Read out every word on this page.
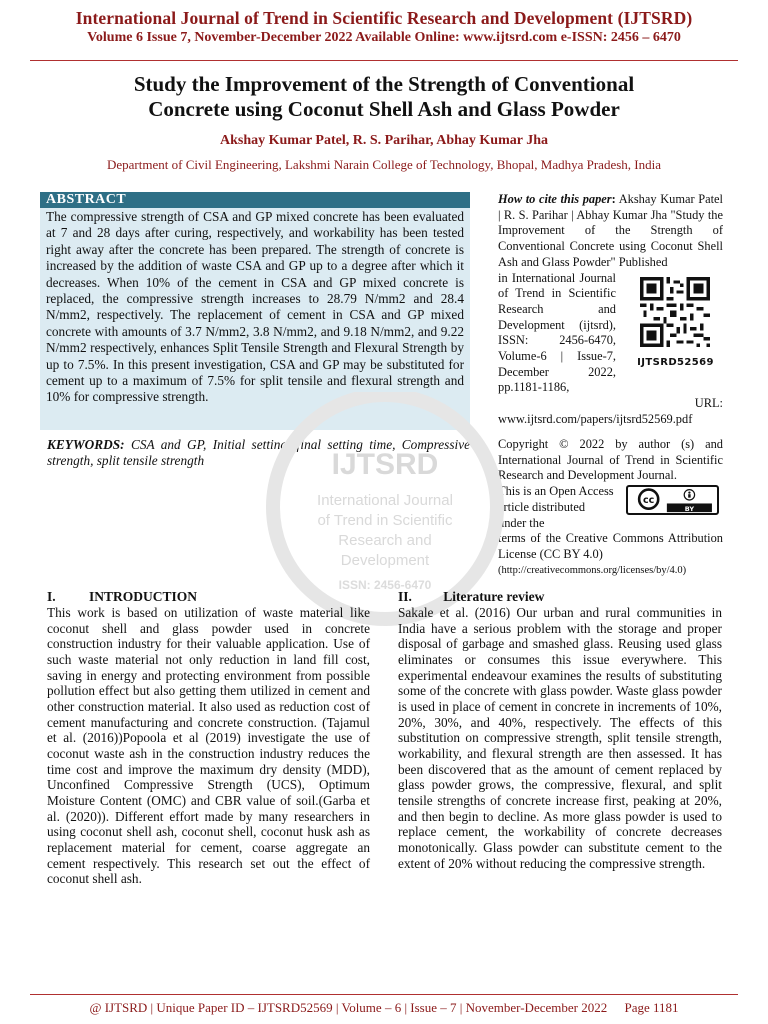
International Journal of Trend in Scientific Research and Development (IJTSRD)
Volume 6 Issue 7, November-December 2022 Available Online: www.ijtsrd.com e-ISSN: 2456 – 6470
Study the Improvement of the Strength of Conventional
Concrete using Coconut Shell Ash and Glass Powder
Akshay Kumar Patel, R. S. Parihar, Abhay Kumar Jha
Department of Civil Engineering, Lakshmi Narain College of Technology, Bhopal, Madhya Pradesh, India
ABSTRACT
The compressive strength of CSA and GP mixed concrete has been evaluated at 7 and 28 days after curing, respectively, and workability has been tested right away after the concrete has been prepared. The strength of concrete is increased by the addition of waste CSA and GP up to a degree after which it decreases. When 10% of the cement in CSA and GP mixed concrete is replaced, the compressive strength increases to 28.79 N/mm2 and 28.4 N/mm2, respectively. The replacement of cement in CSA and GP mixed concrete with amounts of 3.7 N/mm2, 3.8 N/mm2, and 9.18 N/mm2, and 9.22 N/mm2 respectively, enhances Split Tensile Strength and Flexural Strength by up to 7.5%. In this present investigation, CSA and GP may be substituted for cement up to a maximum of 7.5% for split tensile and flexural strength and 10% for compressive strength.
KEYWORDS: CSA and GP, Initial setting, final setting time, Compressive strength, split tensile strength
How to cite this paper: Akshay Kumar Patel | R. S. Parihar | Abhay Kumar Jha "Study the Improvement of the Strength of Conventional Concrete using Coconut Shell Ash and Glass Powder" Published
in International Journal of Trend in Scientific Research and Development (ijtsrd), ISSN: 2456-6470, Volume-6 | Issue-7, December 2022, pp.1181-1186,
IJTSRD52569
URL:
www.ijtsrd.com/papers/ijtsrd52569.pdf
Copyright © 2022 by author (s) and International Journal of Trend in Scientific Research and Development Journal.
This is an Open Access article distributed under the
cc
BY
terms of the Creative Commons Attribution License (CC BY 4.0)
(http://creativecommons.org/licenses/by/4.0)
IJTSRD
International Journal
of Trend in Scientific
Research and
Development
ISSN: 2456-6470
I. INTRODUCTION
This work is based on utilization of waste material like coconut shell and glass powder used in concrete construction industry for their valuable application. Use of such waste material not only reduction in land fill cost, saving in energy and protecting environment from possible pollution effect but also getting them utilized in cement and other construction material. It also used as reduction cost of cement manufacturing and concrete construction. (Tajamul et al. (2016))Popoola et al (2019) investigate the use of coconut waste ash in the construction industry reduces the time cost and improve the maximum dry density (MDD), Unconfined Compressive Strength (UCS), Optimum Moisture Content (OMC) and CBR value of soil.(Garba et al. (2020)). Different effort made by many researchers in using coconut shell ash, coconut shell, coconut husk ash as replacement material for cement, coarse aggregate an cement respectively. This research set out the effect of coconut shell ash.
II. Literature review
Sakale et al. (2016) Our urban and rural communities in India have a serious problem with the storage and proper disposal of garbage and smashed glass. Reusing used glass eliminates or consumes this issue everywhere. This experimental endeavour examines the results of substituting some of the concrete with glass powder. Waste glass powder is used in place of cement in concrete in increments of 10%, 20%, 30%, and 40%, respectively. The effects of this substitution on compressive strength, split tensile strength, workability, and flexural strength are then assessed. It has been discovered that as the amount of cement replaced by glass powder grows, the compressive, flexural, and split tensile strengths of concrete increase first, peaking at 20%, and then begin to decline. As more glass powder is used to replace cement, the workability of concrete decreases monotonically. Glass powder can substitute cement to the extent of 20% without reducing the compressive strength.
@ IJTSRD | Unique Paper ID – IJTSRD52569 | Volume – 6 | Issue – 7 | November-December 2022 Page 1181
